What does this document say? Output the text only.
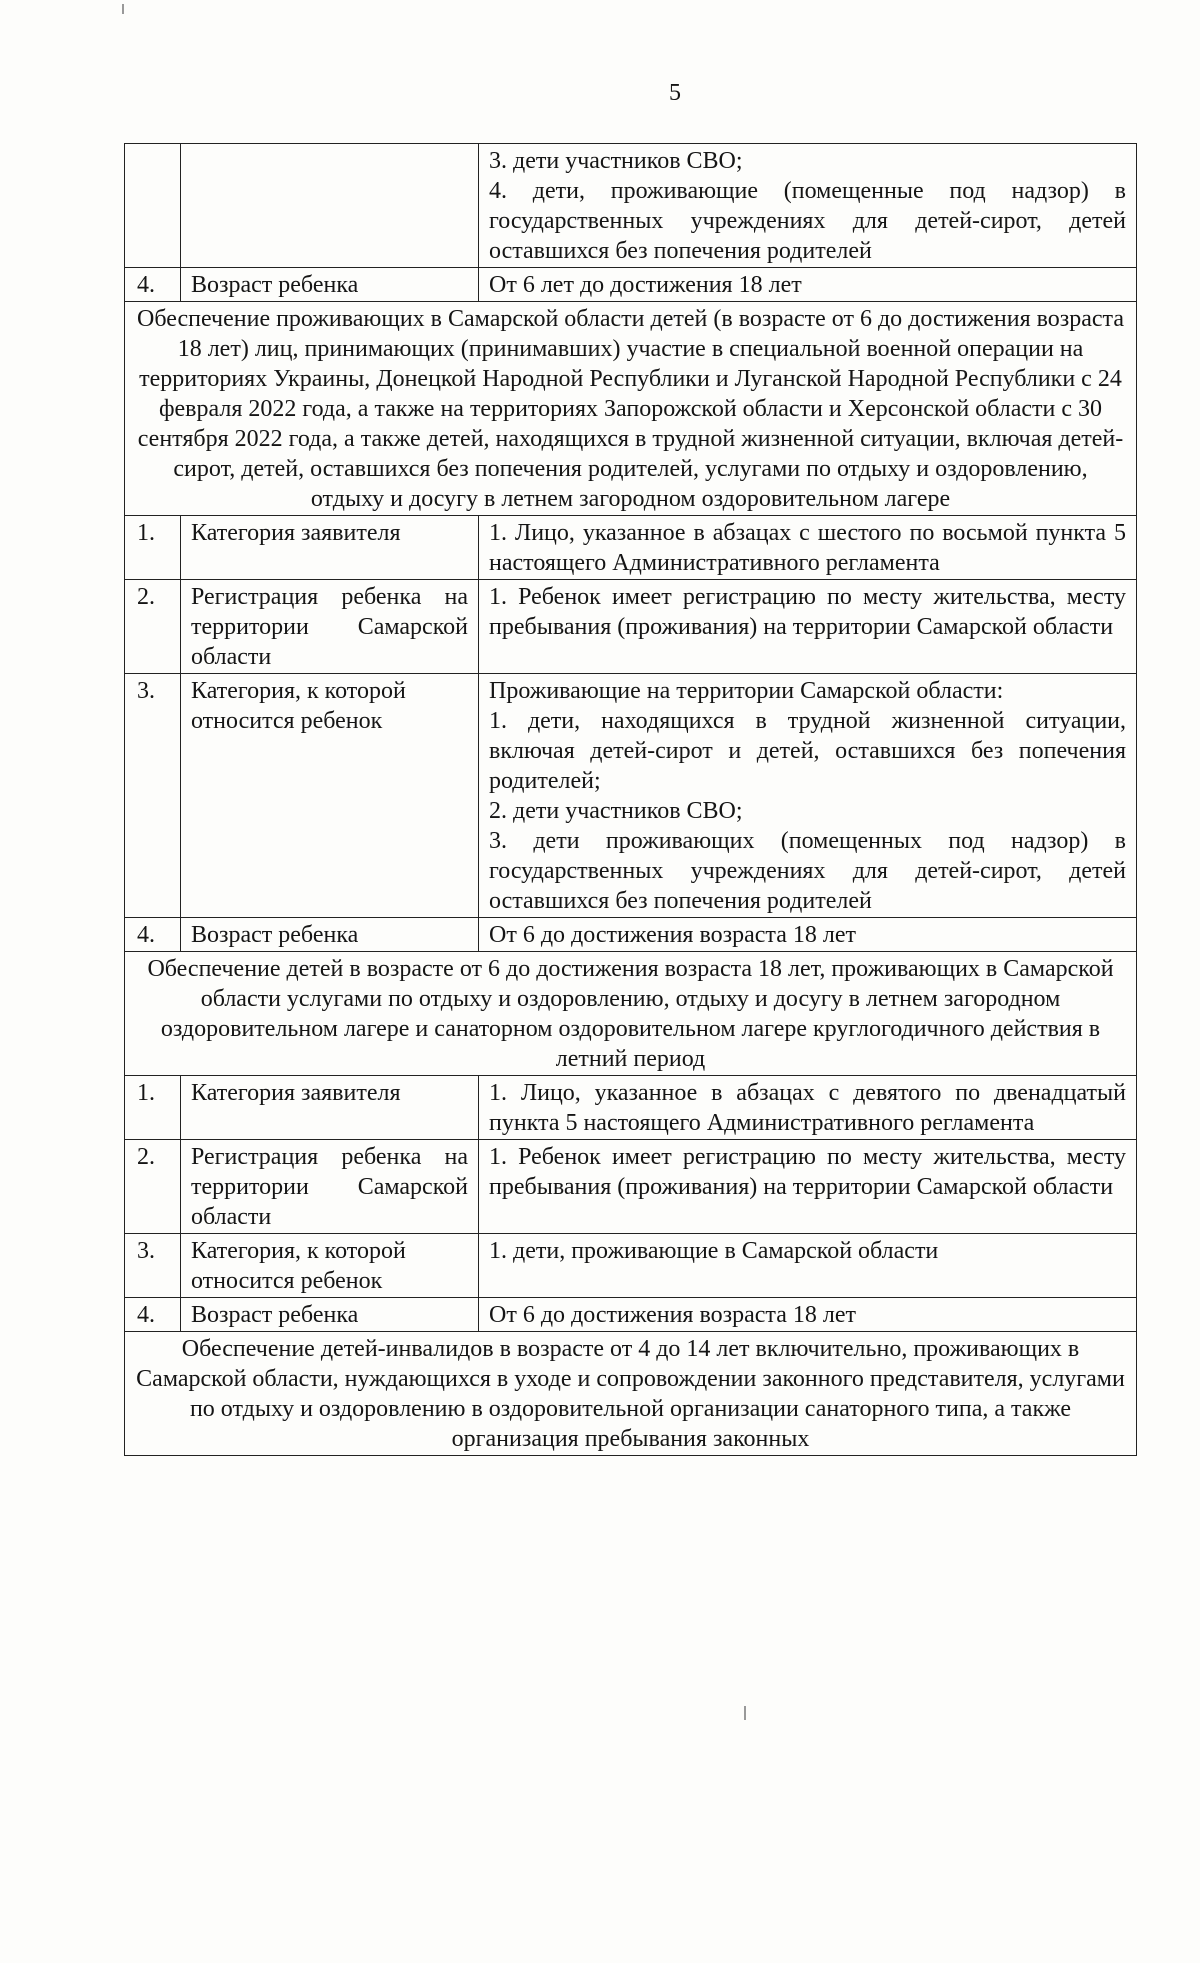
5

		3. дети участников СВО;
4. дети, проживающие (помещенные под надзор) в государственных учреждениях для детей-сирот, детей оставшихся без попечения родителей

4.	Возраст ребенка	От 6 лет до достижения 18 лет
Обеспечение проживающих в Самарской области детей (в возрасте от 6 до достижения возраста 18 лет) лиц, принимающих (принимавших) участие в специальной военной операции на территориях Украины, Донецкой Народной Республики и Луганской Народной Республики с 24 февраля 2022 года, а также на территориях Запорожской области и Херсонской области с 30 сентября 2022 года, а также детей, находящихся в трудной жизненной ситуации, включая детей-сирот, детей, оставшихся без попечения родителей, услугами по отдыху и оздоровлению, отдыху и досугу в летнем загородном оздоровительном лагере		
1.	Категория заявителя	1. Лицо, указанное в абзацах с шестого по восьмой пункта 5 настоящего Административного регламента
2.	Регистрация ребенка на территории Самарской области	1. Ребенок имеет регистрацию по месту жительства, месту пребывания (проживания) на территории Самарской области
3.	Категория, к которой относится ребенок	Проживающие на территории Самарской области:
1. дети, находящихся в трудной жизненной ситуации, включая детей-сирот и детей, оставшихся без попечения родителей;
2. дети участников СВО;
3. дети проживающих (помещенных под надзор) в государственных учреждениях для детей-сирот, детей оставшихся без попечения родителей

4.	Возраст ребенка	От 6 до достижения возраста 18 лет
Обеспечение детей в возрасте от 6 до достижения возраста 18 лет, проживающих в Самарской области услугами по отдыху и оздоровлению, отдыху и досугу в летнем загородном оздоровительном лагере и санаторном оздоровительном лагере круглогодичного действия в летний период		
1.	Категория заявителя	1. Лицо, указанное в абзацах с девятого по двенадцатый пункта 5 настоящего Административного регламента
2.	Регистрация ребенка на территории Самарской области	1. Ребенок имеет регистрацию по месту жительства, месту пребывания (проживания) на территории Самарской области
3.	Категория, к которой относится ребенок	1. дети, проживающие в Самарской области
4.	Возраст ребенка	От 6 до достижения возраста 18 лет
Обеспечение детей-инвалидов в возрасте от 4 до 14 лет включительно, проживающих в Самарской области, нуждающихся в уходе и сопровождении законного представителя, услугами по отдыху и оздоровлению в оздоровительной организации санаторного типа, а также организация пребывания законных		
